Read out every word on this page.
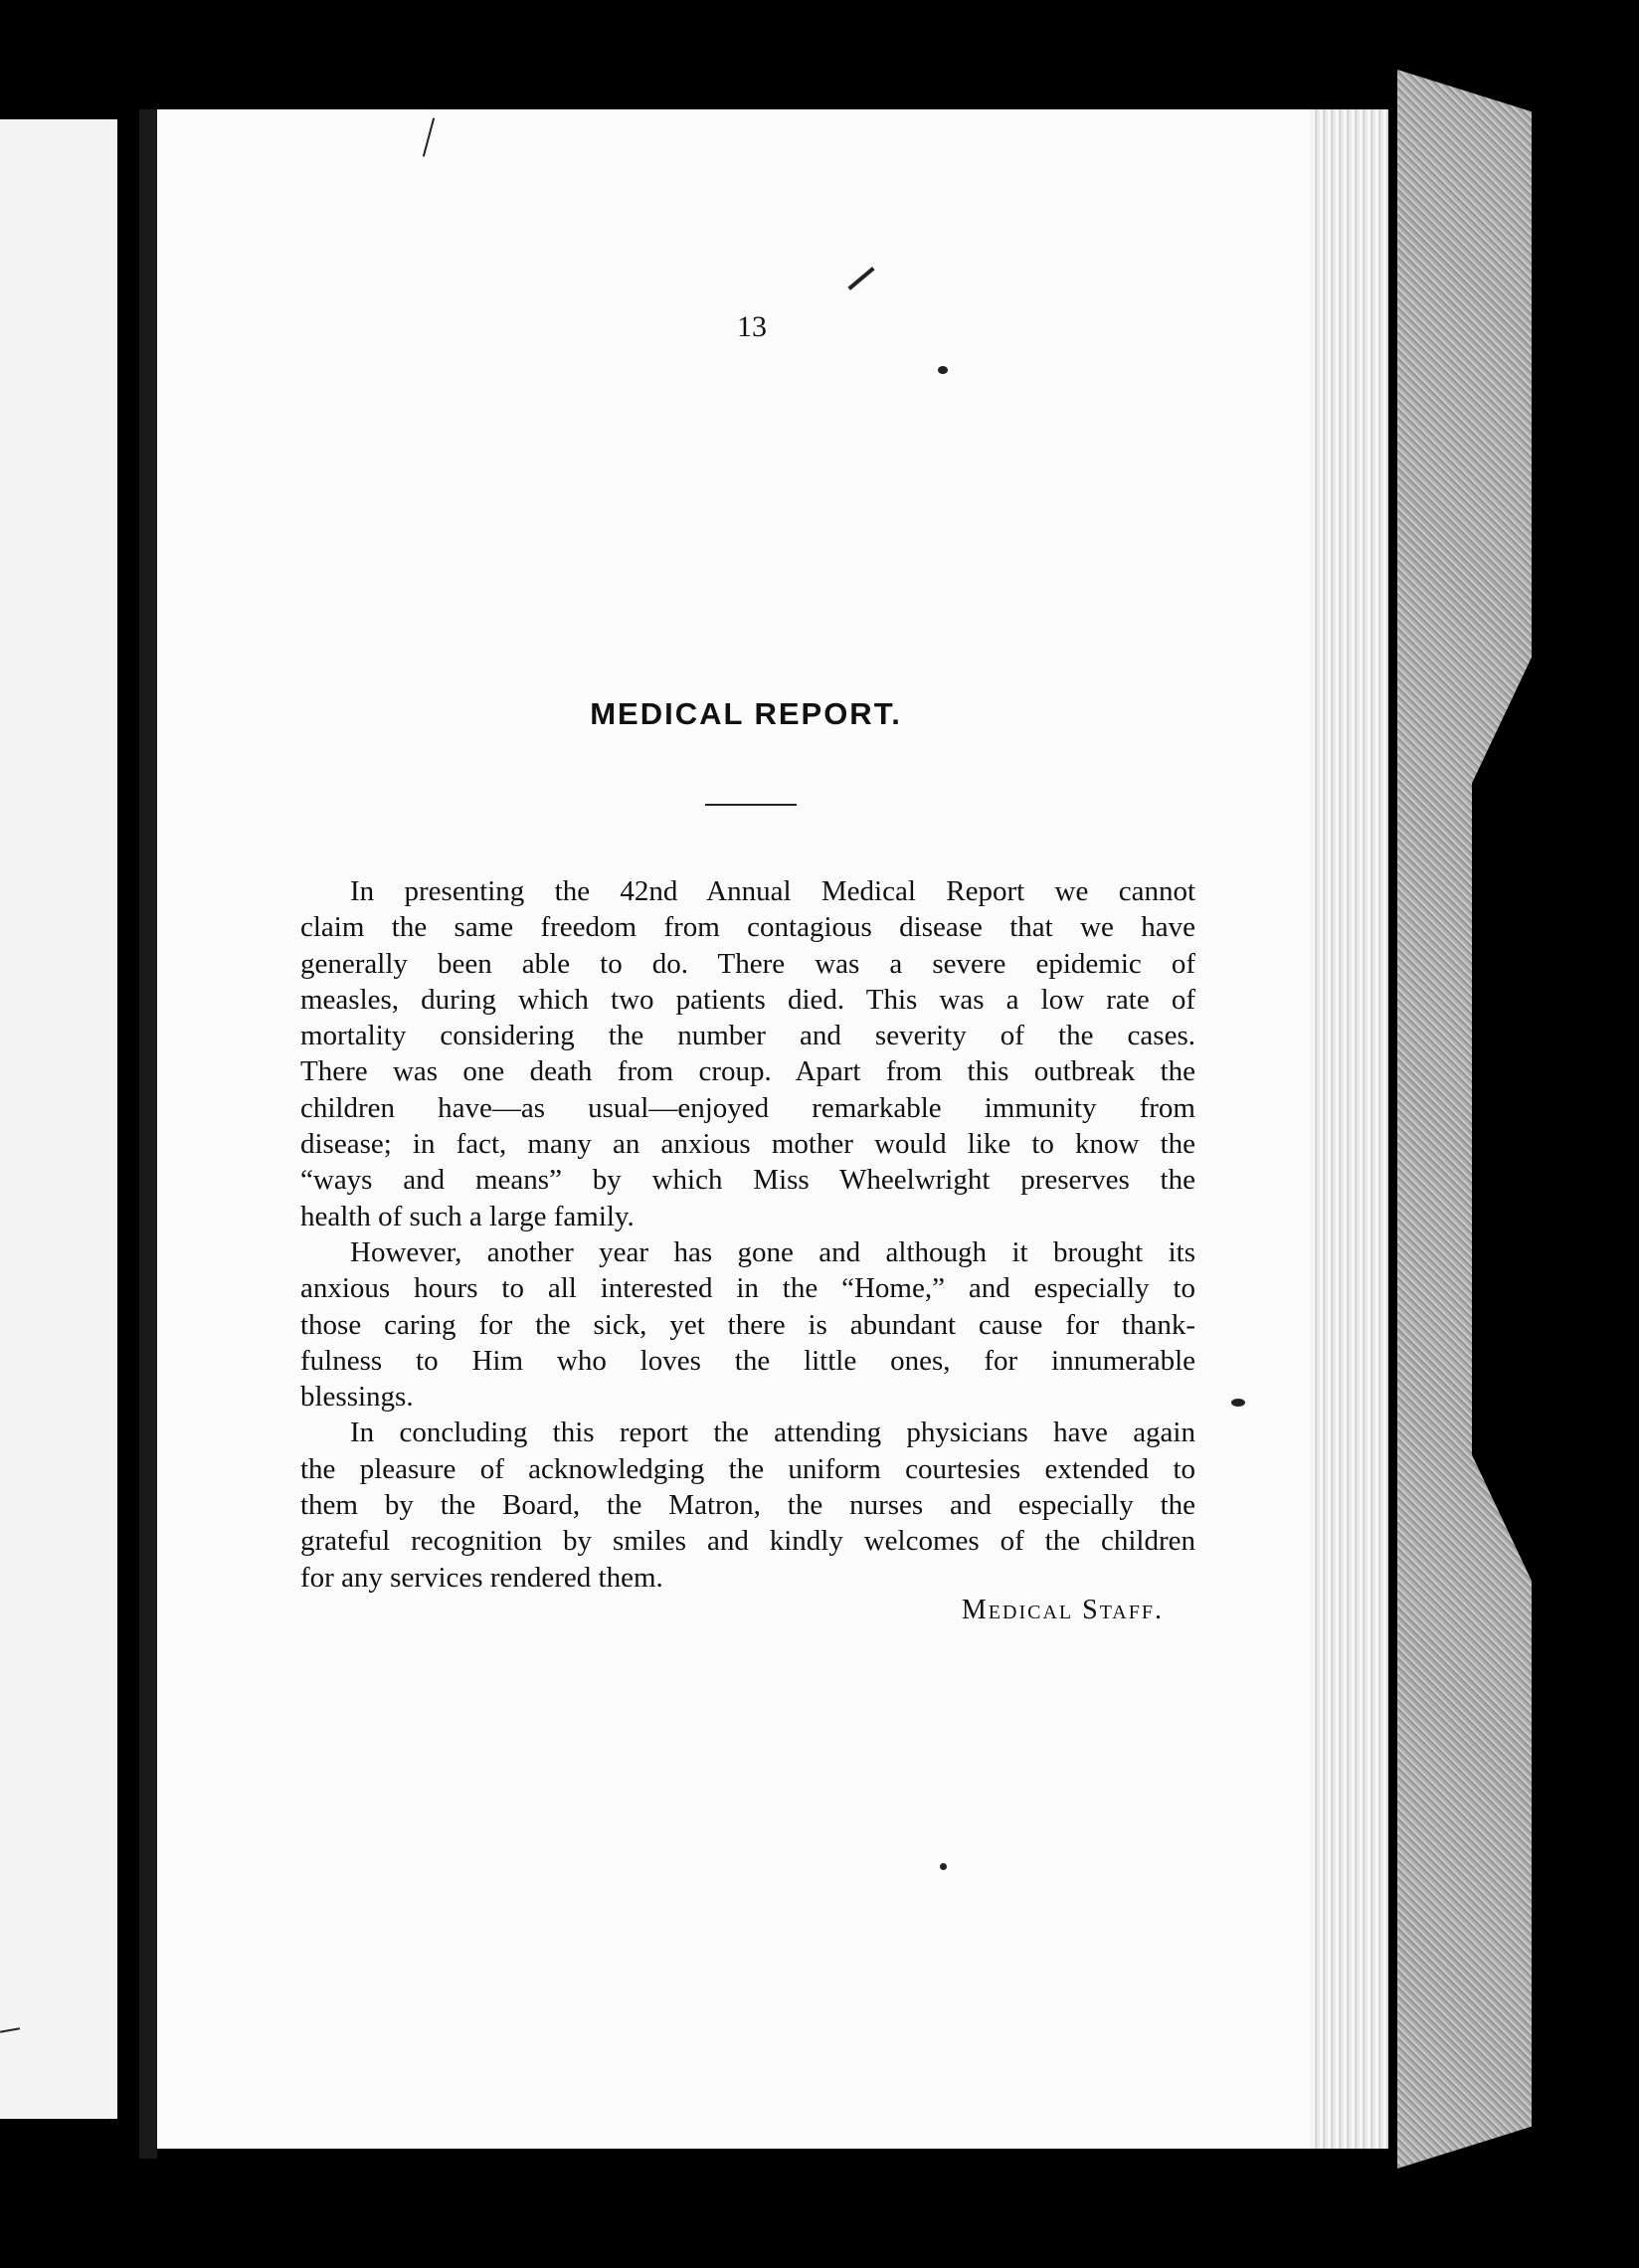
13
MEDICAL REPORT.
In presenting the 42nd Annual Medical Report we cannot
claim the same freedom from contagious disease that we have
generally been able to do. There was a severe epidemic of
measles, during which two patients died. This was a low rate of
mortality considering the number and severity of the cases.
There was one death from croup. Apart from this outbreak the
children have—as usual—enjoyed remarkable immunity from
disease; in fact, many an anxious mother would like to know the
“ways and means” by which Miss Wheelwright preserves the
health of such a large family.
However, another year has gone and although it brought its
anxious hours to all interested in the “Home,” and especially to
those caring for the sick, yet there is abundant cause for thank-
fulness to Him who loves the little ones, for innumerable
blessings.
In concluding this report the attending physicians have again
the pleasure of acknowledging the uniform courtesies extended to
them by the Board, the Matron, the nurses and especially the
grateful recognition by smiles and kindly welcomes of the children
for any services rendered them.
Medical Staff.
